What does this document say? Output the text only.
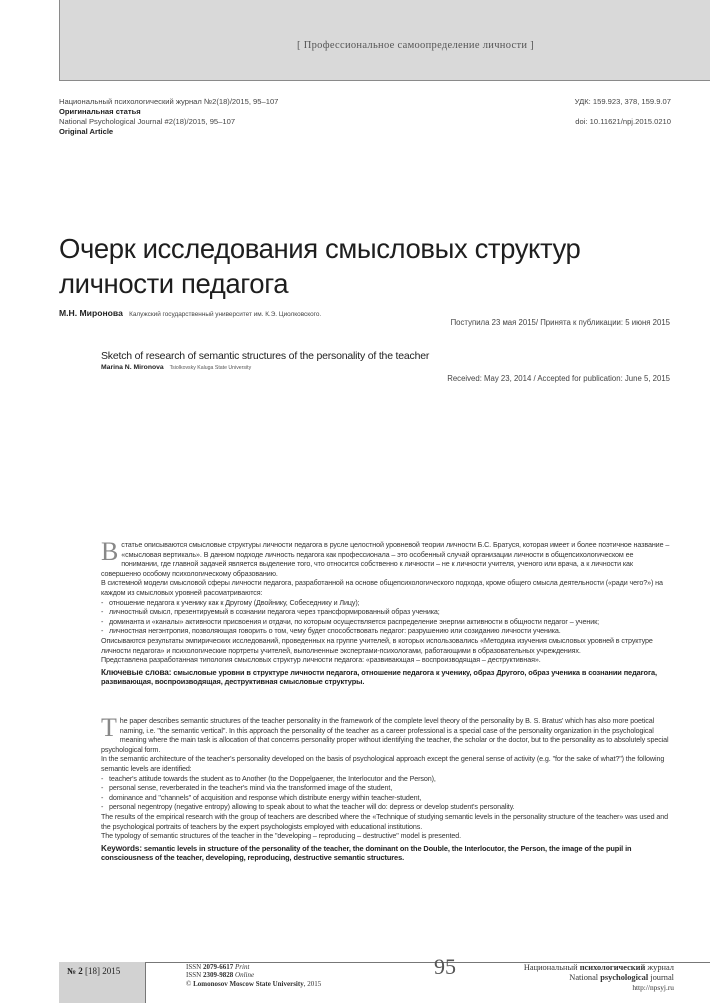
[ Профессиональное самоопределение личности ]
Национальный психологический журнал №2(18)/2015, 95–107
Оригинальная статья
National Psychological Journal #2(18)/2015, 95–107
Original Article
УДК: 159.923, 378, 159.9.07

doi: 10.11621/npj.2015.0210
Очерк исследования смысловых структур
личности педагога
М.Н. Миронова Калужский государственный университет им. К.Э. Циолковского.
Поступила 23 мая 2015/ Принята к публикации: 5 июня 2015
Sketch of research of semantic structures of the personality of the teacher
Marina N. Mironova Tsiolkovsky Kaluga State University
Received: May 23, 2014 / Accepted for publication: June 5, 2015

В статье описываются смысловые структуры личности педагога в русле целостной уровневой теории личности Б.С. Братуся, которая имеет и более поэтичное название – «смысловая вертикаль». В данном подходе личность педагога как профессионала – это особенный случай организации личности в общепсихологическом ее понимании, где главной задачей является выделение того, что относится собственно к личности – не к личности учителя, ученого или врача, а к личности как совершенно особому психологическому образованию.

В системной модели смысловой сферы личности педагога, разработанной на основе общепсихологического подхода, кроме общего смысла деятельности («ради чего?») на каждом из смысловых уровней рассматриваются:

- отношение педагога к ученику как к Другому (Двойнику, Собеседнику и Лицу);
- личностный смысл, презентируемый в сознании педагога через трансформированный образ ученика;
- доминанта и «каналы» активности присвоения и отдачи, по которым осуществляется распределение энергии активности в общности педагог – ученик;
- личностная негэнтропия, позволяющая говорить о том, чему будет способствовать педагог: разрушению или созиданию личности ученика.

Описываются результаты эмпирических исследований, проведенных на группе учителей, в которых использовались «Методика изучения смысловых уровней в структуре личности педагога» и психологические портреты учителей, выполненные экспертами-психологами, работающими в образовательных учреждениях.

Представлена разработанная типология смысловых структур личности педагога: «развивающая – воспроизводящая – деструктивная».

Ключевые слова: смысловые уровни в структуре личности педагога, отношение педагога к ученику, образ Другого, образ ученика в сознании педагога, развивающая, воспроизводящая, деструктивная смысловые структуры.

The paper describes semantic structures of the teacher personality in the framework of the complete level theory of the personality by B. S. Bratus' which has also more poetical naming, i.e. "the semantic vertical". In this approach the personality of the teacher as a career professional is a special case of the personality organization in the psychological meaning where the main task is allocation of that concerns personality proper without identifying the teacher, the scholar or the doctor, but to the personality as to absolutely special psychological form.

In the semantic architecture of the teacher's personality developed on the basis of psychological approach except the general sense of activity (e.g. "for the sake of what?") the following semantic levels are identified:

- teacher's attitude towards the student as to Another (to the Doppelgaener, the Interlocutor and the Person),
- personal sense, reverberated in the teacher's mind via the transformed image of the student,
- dominance and "channels" of acquisition and response which distribute energy within teacher-student,
- personal negentropy (negative entropy) allowing to speak about to what the teacher will do: depress or develop student's personality.

The results of the empirical research with the group of teachers are described where the «Technique of studying semantic levels in the personality structure of the teacher» was used and the psychological portraits of teachers by the expert psychologists employed with educational institutions.

The typology of semantic structures of the teacher in the "developing – reproducing – destructive" model is presented.

Keywords: semantic levels in structure of the personality of the teacher, the dominant on the Double, the Interlocutor, the Person, the image of the pupil in consciousness of the teacher, developing, reproducing, destructive semantic structures.

№ 2 [18] 2015	ISSN 2079-6617 Print
ISSN 2309-9828 Online
© Lomonosov Moscow State University, 2015
95	Национальный психологический журнал
National psychological journal
http://npsyj.ru
